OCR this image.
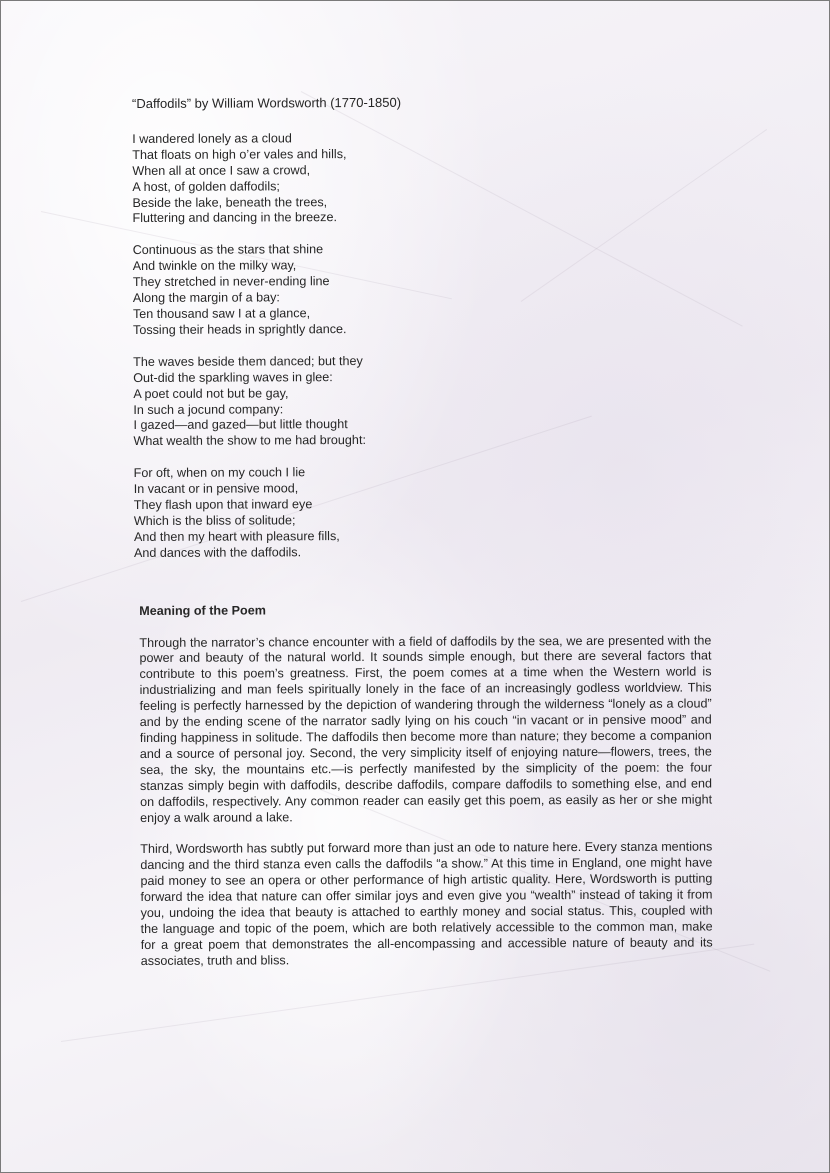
“Daffodils” by William Wordsworth (1770-1850)
I wandered lonely as a cloud
That floats on high o’er vales and hills,
When all at once I saw a crowd,
A host, of golden daffodils;
Beside the lake, beneath the trees,
Fluttering and dancing in the breeze.
Continuous as the stars that shine
And twinkle on the milky way,
They stretched in never-ending line
Along the margin of a bay:
Ten thousand saw I at a glance,
Tossing their heads in sprightly dance.
The waves beside them danced; but they
Out-did the sparkling waves in glee:
A poet could not but be gay,
In such a jocund company:
I gazed—and gazed—but little thought
What wealth the show to me had brought:
For oft, when on my couch I lie
In vacant or in pensive mood,
They flash upon that inward eye
Which is the bliss of solitude;
And then my heart with pleasure fills,
And dances with the daffodils.
Meaning of the Poem

Through the narrator’s chance encounter with a field of daffodils by the sea, we are presented with the power and beauty of the natural world. It sounds simple enough, but there are several factors that contribute to this poem’s greatness. First, the poem comes at a time when the Western world is industrializing and man feels spiritually lonely in the face of an increasingly godless worldview. This feeling is perfectly harnessed by the depiction of wandering through the wilderness “lonely as a cloud” and by the ending scene of the narrator sadly lying on his couch “in vacant or in pensive mood” and finding happiness in solitude. The daffodils then become more than nature; they become a companion and a source of personal joy. Second, the very simplicity itself of enjoying nature—flowers, trees, the sea, the sky, the mountains etc.—is perfectly manifested by the simplicity of the poem: the four stanzas simply begin with daffodils, describe daffodils, compare daffodils to something else, and end on daffodils, respectively. Any common reader can easily get this poem, as easily as her or she might enjoy a walk around a lake.

Third, Wordsworth has subtly put forward more than just an ode to nature here. Every stanza mentions dancing and the third stanza even calls the daffodils “a show.” At this time in England, one might have paid money to see an opera or other performance of high artistic quality. Here, Wordsworth is putting forward the idea that nature can offer similar joys and even give you “wealth” instead of taking it from you, undoing the idea that beauty is attached to earthly money and social status. This, coupled with the language and topic of the poem, which are both relatively accessible to the common man, make for a great poem that demonstrates the all-encompassing and accessible nature of beauty and its associates, truth and bliss.
